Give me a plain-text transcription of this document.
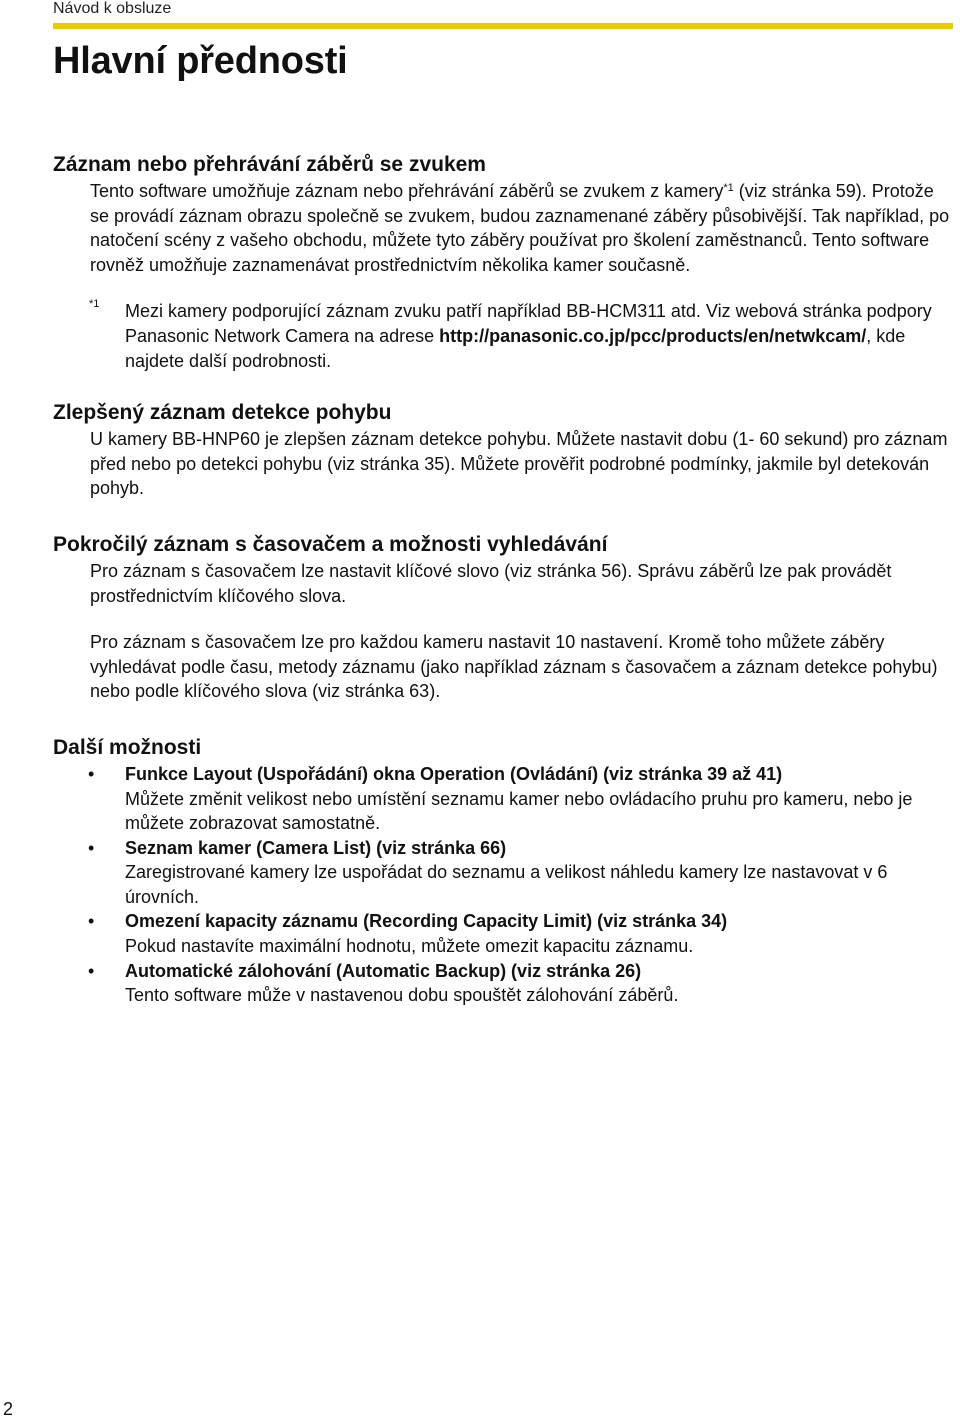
Návod k obsluze
Hlavní přednosti
Záznam nebo přehrávání záběrů se zvukem

Tento software umožňuje záznam nebo přehrávání záběrů se zvukem z kamery$^{*1}$ (viz stránka 59). Protože se provádí záznam obrazu společně se zvukem, budou zaznamenané záběry působivější. Tak například, po natočení scény z vašeho obchodu, můžete tyto záběry používat pro školení zaměstnanců. Tento software rovněž umožňuje zaznamenávat prostřednictvím několika kamer současně.

*1 Mezi kamery podporující záznam zvuku patří například BB-HCM311 atd. Viz webová stránka podpory Panasonic Network Camera na adrese http://panasonic.co.jp/pcc/products/en/netwkcam/, kde najdete další podrobnosti.

Zlepšený záznam detekce pohybu

U kamery BB-HNP60 je zlepšen záznam detekce pohybu. Můžete nastavit dobu (1- 60 sekund) pro záznam před nebo po detekci pohybu (viz stránka 35). Můžete prověřit podrobné podmínky, jakmile byl detekován pohyb.

Pokročilý záznam s časovačem a možnosti vyhledávání

Pro záznam s časovačem lze nastavit klíčové slovo (viz stránka 56). Správu záběrů lze pak provádět prostřednictvím klíčového slova.

Pro záznam s časovačem lze pro každou kameru nastavit 10 nastavení. Kromě toho můžete záběry vyhledávat podle času, metody záznamu (jako například záznam s časovačem a záznam detekce pohybu) nebo podle klíčového slova (viz stránka 63).

Další možnosti
• Funkce Layout (Uspořádání) okna Operation (Ovládání) (viz stránka 39 až 41)
Můžete změnit velikost nebo umístění seznamu kamer nebo ovládacího pruhu pro kameru, nebo je můžete zobrazovat samostatně.
• Seznam kamer (Camera List) (viz stránka 66)
Zaregistrované kamery lze uspořádat do seznamu a velikost náhledu kamery lze nastavovat v 6 úrovních.
• Omezení kapacity záznamu (Recording Capacity Limit) (viz stránka 34)
Pokud nastavíte maximální hodnotu, můžete omezit kapacitu záznamu.
• Automatické zálohování (Automatic Backup) (viz stránka 26)
Tento software může v nastavenou dobu spouštět zálohování záběrů.
2
